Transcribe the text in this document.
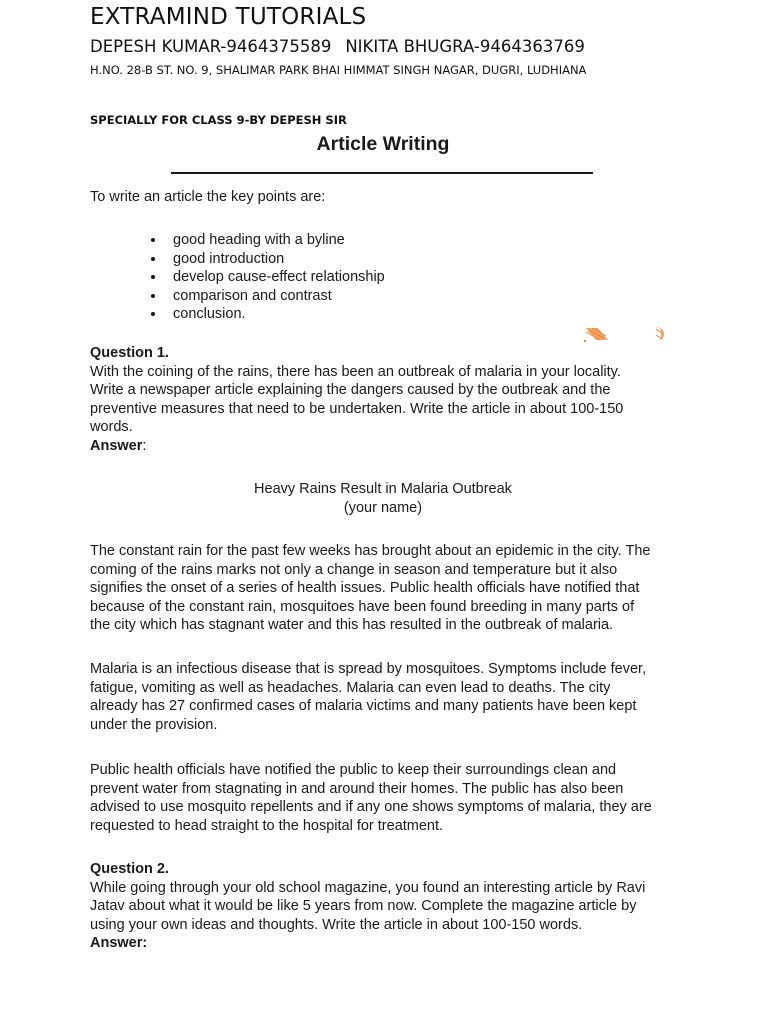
EXTRAMIND TUTORIALS
DEPESH KUMAR-9464375589 NIKITA BHUGRA-9464363769
H.NO. 28-B ST. NO. 9, SHALIMAR PARK BHAI HIMMAT SINGH NAGAR, DUGRI, LUDHIANA
SPECIALLY FOR CLASS 9-BY DEPESH SIR
Article Writing
To write an article the key points are:
good heading with a byline
good introduction
develop cause-effect relationship
comparison and contrast
conclusion.
Question 1.
With the coining of the rains, there has been an outbreak of malaria in your locality.
Write a newspaper article explaining the dangers caused by the outbreak and the
preventive measures that need to be undertaken. Write the article in about 100-150
words.
Answer:
Heavy Rains Result in Malaria Outbreak
(your name)
The constant rain for the past few weeks has brought about an epidemic in the city. The
coming of the rains marks not only a change in season and temperature but it also
signifies the onset of a series of health issues. Public health officials have notified that
because of the constant rain, mosquitoes have been found breeding in many parts of
the city which has stagnant water and this has resulted in the outbreak of malaria.
Malaria is an infectious disease that is spread by mosquitoes. Symptoms include fever,
fatigue, vomiting as well as headaches. Malaria can even lead to deaths. The city
already has 27 confirmed cases of malaria victims and many patients have been kept
under the provision.
Public health officials have notified the public to keep their surroundings clean and
prevent water from stagnating in and around their homes. The public has also been
advised to use mosquito repellents and if any one shows symptoms of malaria, they are
requested to head straight to the hospital for treatment.
Question 2.
While going through your old school magazine, you found an interesting article by Ravi
Jatav about what it would be like 5 years from now. Complete the magazine article by
using your own ideas and thoughts. Write the article in about 100-150 words.
Answer:
